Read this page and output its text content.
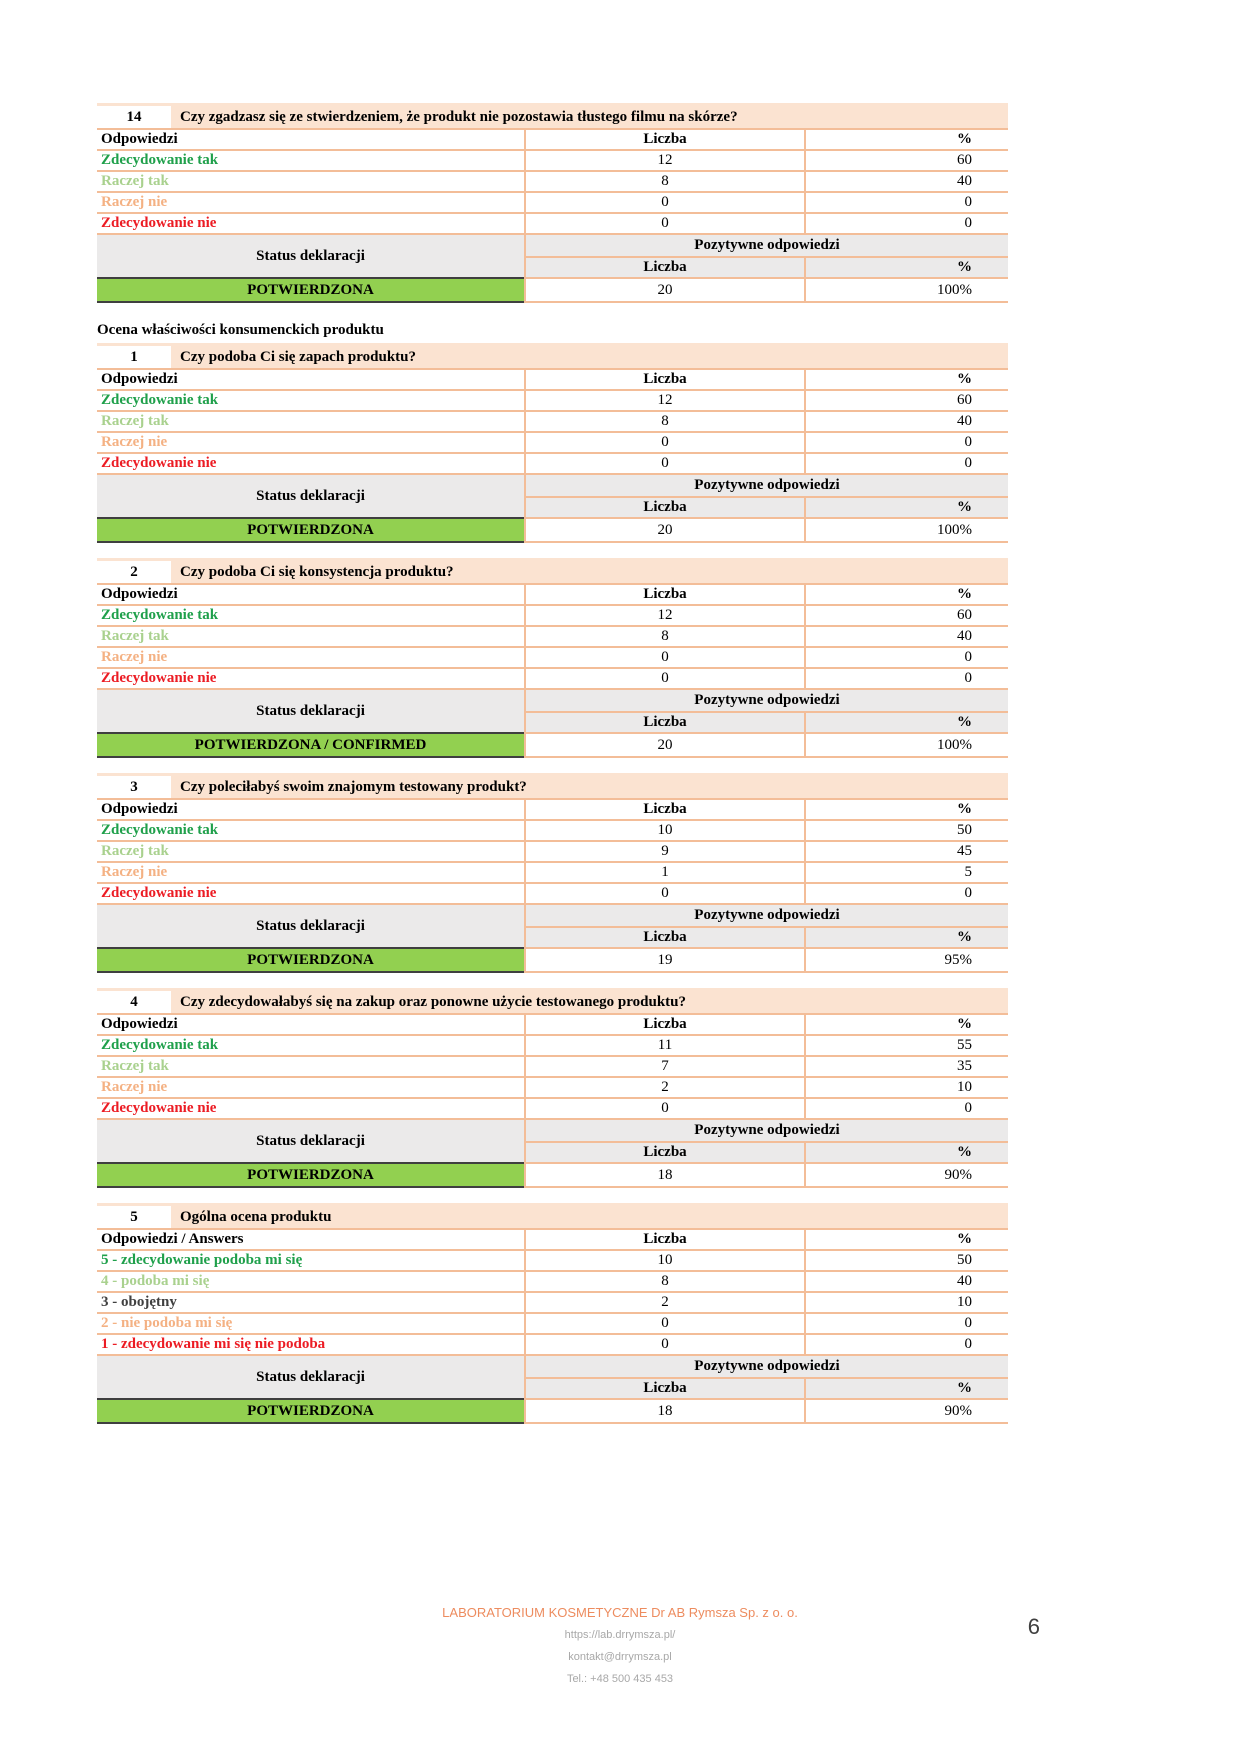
14	Czy zgadzasz się ze stwierdzeniem, że produkt nie pozostawia tłustego filmu na skórze?
Odpowiedzi	Liczba	%
Zdecydowanie tak	12	60
Raczej tak	8	40
Raczej nie	0	0
Zdecydowanie nie	0	0
Status deklaracji
Pozytywne odpowiedzi
Liczba	%
POTWIERDZONA	20	100%
Ocena właściwości konsumenckich produktu
1	Czy podoba Ci się zapach produktu?
Odpowiedzi	Liczba	%
Zdecydowanie tak	12	60
Raczej tak	8	40
Raczej nie	0	0
Zdecydowanie nie	0	0
Status deklaracji
Pozytywne odpowiedzi
Liczba	%
POTWIERDZONA	20	100%
2	Czy podoba Ci się konsystencja produktu?
Odpowiedzi	Liczba	%
Zdecydowanie tak	12	60
Raczej tak	8	40
Raczej nie	0	0
Zdecydowanie nie	0	0
Status deklaracji
Pozytywne odpowiedzi
Liczba	%
POTWIERDZONA / CONFIRMED	20	100%
3	Czy poleciłabyś swoim znajomym testowany produkt?
Odpowiedzi	Liczba	%
Zdecydowanie tak	10	50
Raczej tak	9	45
Raczej nie	1	5
Zdecydowanie nie	0	0
Status deklaracji
Pozytywne odpowiedzi
Liczba	%
POTWIERDZONA	19	95%
4	Czy zdecydowałabyś się na zakup oraz ponowne użycie testowanego produktu?
Odpowiedzi	Liczba	%
Zdecydowanie tak	11	55
Raczej tak	7	35
Raczej nie	2	10
Zdecydowanie nie	0	0
Status deklaracji
Pozytywne odpowiedzi
Liczba	%
POTWIERDZONA	18	90%
5	Ogólna ocena produktu
Odpowiedzi / Answers	Liczba	%
5 - zdecydowanie podoba mi się	10	50
4 - podoba mi się	8	40
3 - obojętny	2	10
2 - nie podoba mi się	0	0
1 - zdecydowanie mi się nie podoba	0	0
Status deklaracji
Pozytywne odpowiedzi
Liczba	%
POTWIERDZONA	18	90%
LABORATORIUM KOSMETYCZNE Dr AB Rymsza Sp. z o. o.
https://lab.drrymsza.pl/
kontakt@drrymsza.pl
Tel.: +48 500 435 453
6
